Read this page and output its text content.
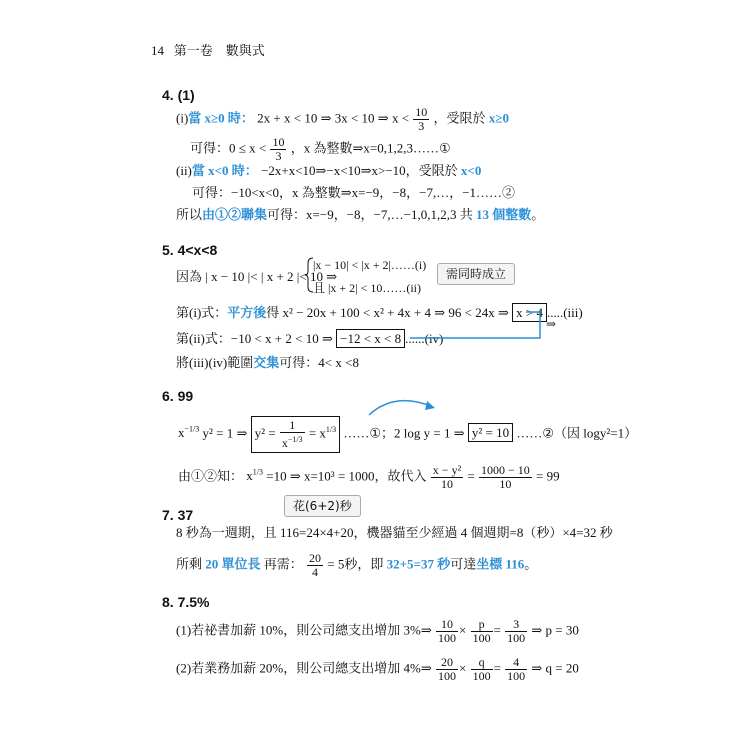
14 第一卷 數與式
4. (1)
(i)當 x≥0 時： 2x + x < 10 ⇒ 3x < 10 ⇒ $x < \frac{10}{3}$ ，受限於 x≥0
可得：$0 \le x < \frac{10}{3}$ ，x 為整數⇒x=0,1,2,3……①
(ii)當 x<0 時： −2x+x<10⇒−x<10⇒x>−10，受限於 x<0
可得：−10<x<0，x 為整數⇒x=−9，−8，−7,…，−1……②
所以由①②聯集可得：x=−9，−8，−7,…−1,0,1,2,3 共 13 個整數。
5. 4<x<8
因為 | x − 10 |< | x + 2 |< 10 ⇒
|x − 10| < |x + 2|……(i)
且 |x + 2| < 10……(ii)
需同時成立
第(i)式：平方後得 x² − 20x + 100 < x² + 4x + 4 ⇒ 96 < 24x ⇒ x > 4 .....(iii)
第(ii)式：−10 < x + 2 < 10 ⇒ −12 < x < 8 ......(iv)
⇒
將(iii)(iv)範圍交集可得：4< x <8
6. 99
$x^{-1/3}$ y² = 1 ⇒ $y^2 = \frac{1}{x^{-1/3}} = x^{1/3}$ ……①；2 log y = 1 ⇒ y² = 10 ……②（因 logy²=1）
由①②知： $x^{1/3} =10$ ⇒ x=10³ = 1000，故代入 $\frac{\text{x − y²}}{10} = \frac{1000 - 10}{10} = 99$
7. 37
花(6+2)秒
8 秒為一週期，且 116=24×4+20，機器貓至少經過 4 個週期=8（秒）×4=32 秒
所剩 20 單位長 再需： $\frac{20}{4} = 5$秒，即 32+5=37 秒可達坐標 116。
8. 7.5%
(1)若祕書加薪 10%，則公司總支出增加 3%⇒ $\frac{10}{100} \times \frac{p}{100} = \frac{3}{100}$ ⇒ p = 30
(2)若業務加薪 20%，則公司總支出增加 4%⇒ $\frac{20}{100} \times \frac{q}{100} = \frac{4}{100}$ ⇒ q = 20
